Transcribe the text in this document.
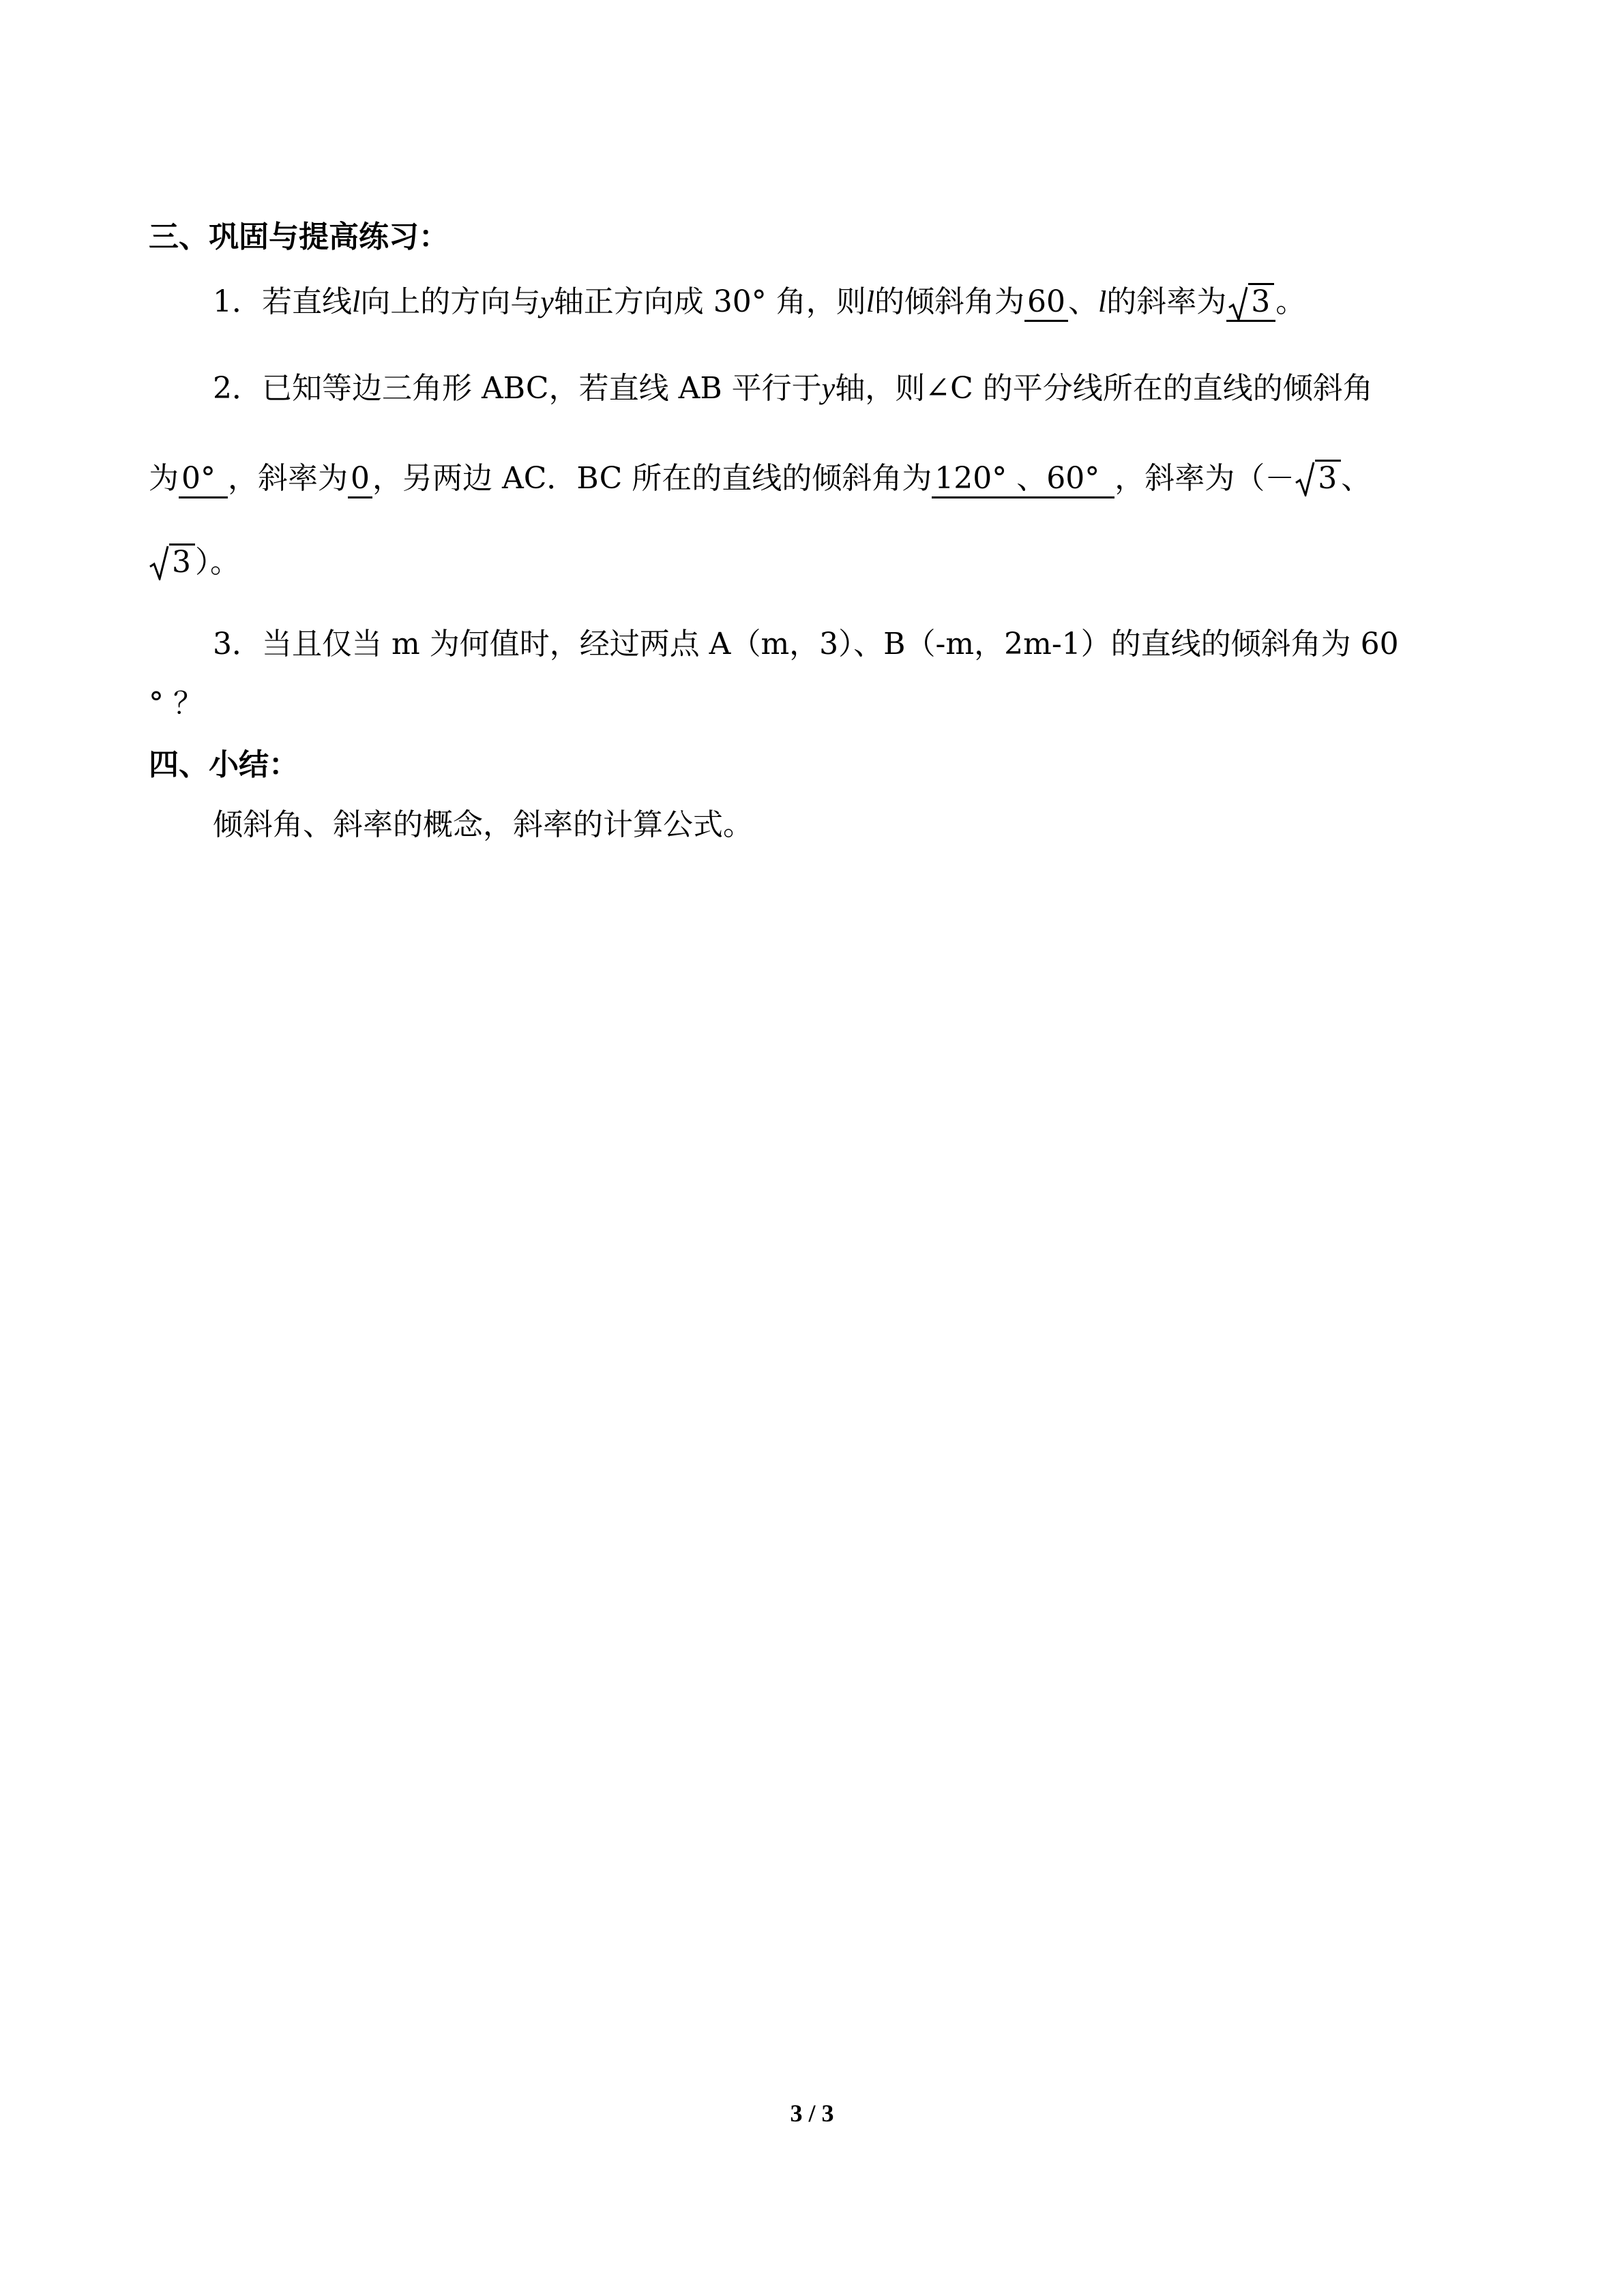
三、巩固与提高练习：
1．若直线l向上的方向与y轴正方向成 30° 角，则l的倾斜角为60、l的斜率为 3 。
2．已知等边三角形 ABC，若直线 AB 平行于y轴，则∠C 的平分线所在的直线的倾斜角
为0° ，斜率为0，另两边 AC．BC 所在的直线的倾斜角为120° 、60° ，斜率为（－ 3 、
3 ）。
3．当且仅当 m 为何值时，经过两点 A（m，3）、B（-m，2m-1）的直线的倾斜角为 60
° ？
四、小结：
倾斜角、斜率的概念，斜率的计算公式。
3 / 3
